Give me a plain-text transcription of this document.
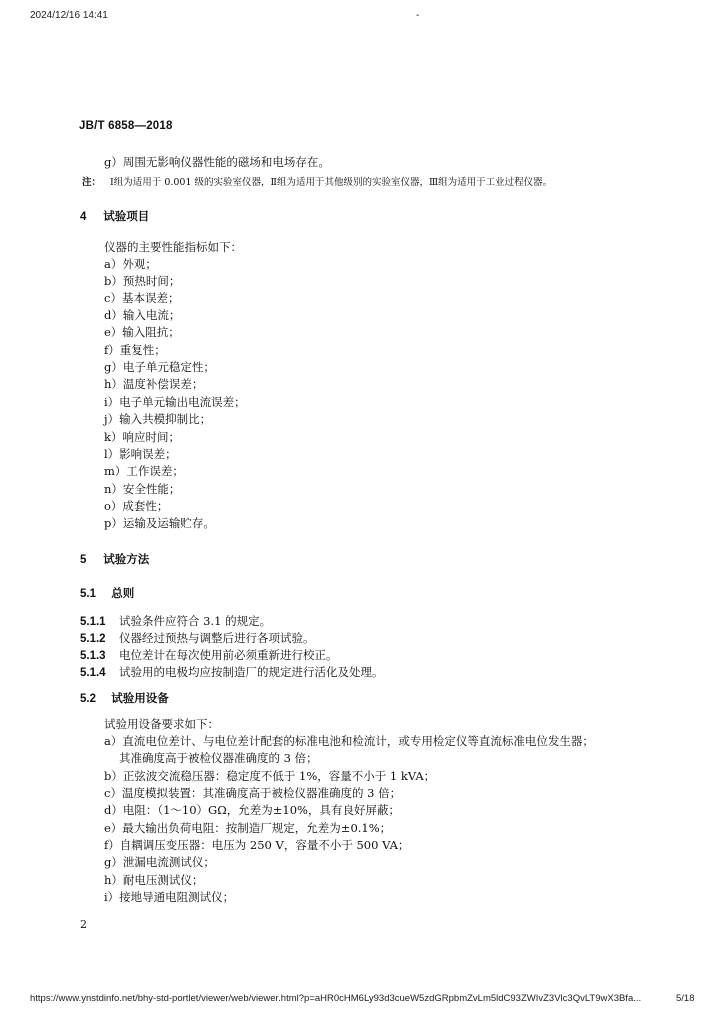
2024/12/16 14:41	-
JB/T 6858—2018
g）周围无影响仪器性能的磁场和电场存在。
注： Ⅰ组为适用于 0.001 级的实验室仪器，Ⅱ组为适用于其他级别的实验室仪器，Ⅲ组为适用于工业过程仪器。
4 试验项目
仪器的主要性能指标如下：
a）外观；
b）预热时间；
c）基本误差；
d）输入电流；
e）输入阻抗；
f）重复性；
g）电子单元稳定性；
h）温度补偿误差；
i）电子单元输出电流误差；
j）输入共模抑制比；
k）响应时间；
l）影响误差；
m）工作误差；
n）安全性能；
o）成套性；
p）运输及运输贮存。
5 试验方法
5.1 总则
5.1.1 试验条件应符合 3.1 的规定。
5.1.2 仪器经过预热与调整后进行各项试验。
5.1.3 电位差计在每次使用前必须重新进行校正。
5.1.4 试验用的电极均应按制造厂的规定进行活化及处理。
5.2 试验用设备
试验用设备要求如下：
a）直流电位差计、与电位差计配套的标准电池和检流计，或专用检定仪等直流标准电位发生器；
其准确度高于被检仪器准确度的 3 倍；
b）正弦波交流稳压器：稳定度不低于 1%，容量不小于 1 kVA；
c）温度模拟装置：其准确度高于被检仪器准确度的 3 倍；
d）电阻：（1～10）GΩ，允差为±10%，具有良好屏蔽；
e）最大输出负荷电阻：按制造厂规定，允差为±0.1%；
f）自耦调压变压器：电压为 250 V，容量不小于 500 VA；
g）泄漏电流测试仪；
h）耐电压测试仪；
i）接地导通电阻测试仪；
2
https://www.ynstdinfo.net/bhy-std-portlet/viewer/web/viewer.html?p=aHR0cHM6Ly93d3cueW5zdGRpbmZvLm5ldC93ZWIvZ3Vlc3QvLT9wX3Bfa...	5/18
